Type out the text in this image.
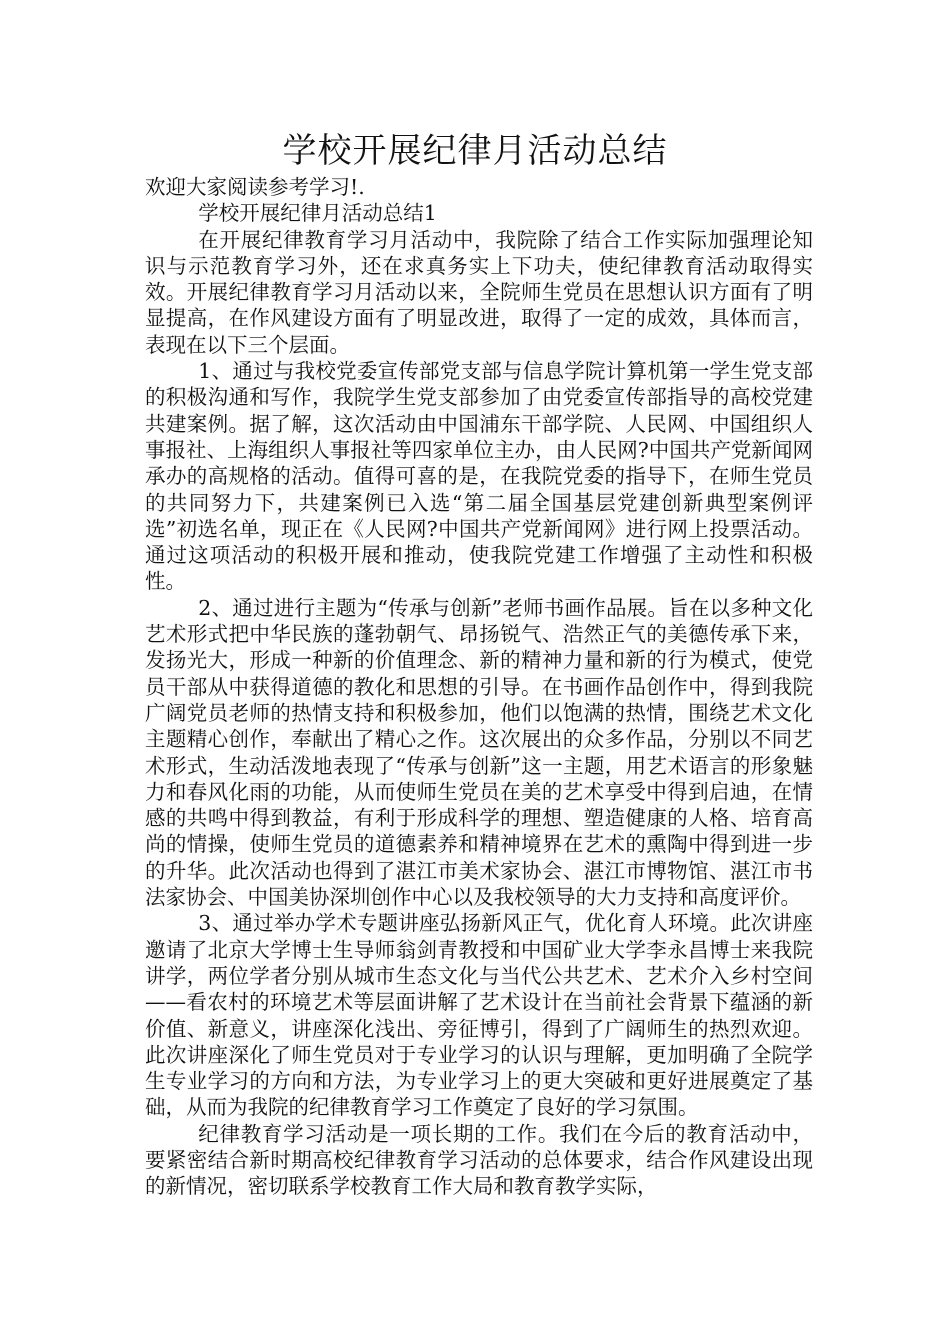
学校开展纪律月活动总结

欢迎大家阅读参考学习!.

学校开展纪律月活动总结1

在开展纪律教育学习月活动中，我院除了结合工作实际加强理论知识与示范教育学习外，还在求真务实上下功夫，使纪律教育活动取得实效。开展纪律教育学习月活动以来，全院师生党员在思想认识方面有了明显提高，在作风建设方面有了明显改进，取得了一定的成效，具体而言，表现在以下三个层面。

1、通过与我校党委宣传部党支部与信息学院计算机第一学生党支部的积极沟通和写作，我院学生党支部参加了由党委宣传部指导的高校党建共建案例。据了解，这次活动由中国浦东干部学院、人民网、中国组织人事报社、上海组织人事报社等四家单位主办，由人民网?中国共产党新闻网承办的高规格的活动。值得可喜的是，在我院党委的指导下，在师生党员的共同努力下，共建案例已入选“第二届全国基层党建创新典型案例评选”初选名单，现正在《人民网?中国共产党新闻网》进行网上投票活动。通过这项活动的积极开展和推动，使我院党建工作增强了主动性和积极性。

2、通过进行主题为“传承与创新”老师书画作品展。旨在以多种文化艺术形式把中华民族的蓬勃朝气、昂扬锐气、浩然正气的美德传承下来，发扬光大，形成一种新的价值理念、新的精神力量和新的行为模式，使党员干部从中获得道德的教化和思想的引导。在书画作品创作中，得到我院广阔党员老师的热情支持和积极参加，他们以饱满的热情，围绕艺术文化主题精心创作，奉献出了精心之作。这次展出的众多作品，分别以不同艺术形式，生动活泼地表现了“传承与创新”这一主题，用艺术语言的形象魅力和春风化雨的功能，从而使师生党员在美的艺术享受中得到启迪，在情感的共鸣中得到教益，有利于形成科学的理想、塑造健康的人格、培育高尚的情操，使师生党员的道德素养和精神境界在艺术的熏陶中得到进一步的升华。此次活动也得到了湛江市美术家协会、湛江市博物馆、湛江市书法家协会、中国美协深圳创作中心以及我校领导的大力支持和高度评价。

3、通过举办学术专题讲座弘扬新风正气，优化育人环境。此次讲座邀请了北京大学博士生导师翁剑青教授和中国矿业大学李永昌博士来我院讲学，两位学者分别从城市生态文化与当代公共艺术、艺术介入乡村空间——看农村的环境艺术等层面讲解了艺术设计在当前社会背景下蕴涵的新价值、新意义，讲座深化浅出、旁征博引，得到了广阔师生的热烈欢迎。此次讲座深化了师生党员对于专业学习的认识与理解，更加明确了全院学生专业学习的方向和方法，为专业学习上的更大突破和更好进展奠定了基础，从而为我院的纪律教育学习工作奠定了良好的学习氛围。

纪律教育学习活动是一项长期的工作。我们在今后的教育活动中，要紧密结合新时期高校纪律教育学习活动的总体要求，结合作风建设出现的新情况，密切联系学校教育工作大局和教育教学实际，
